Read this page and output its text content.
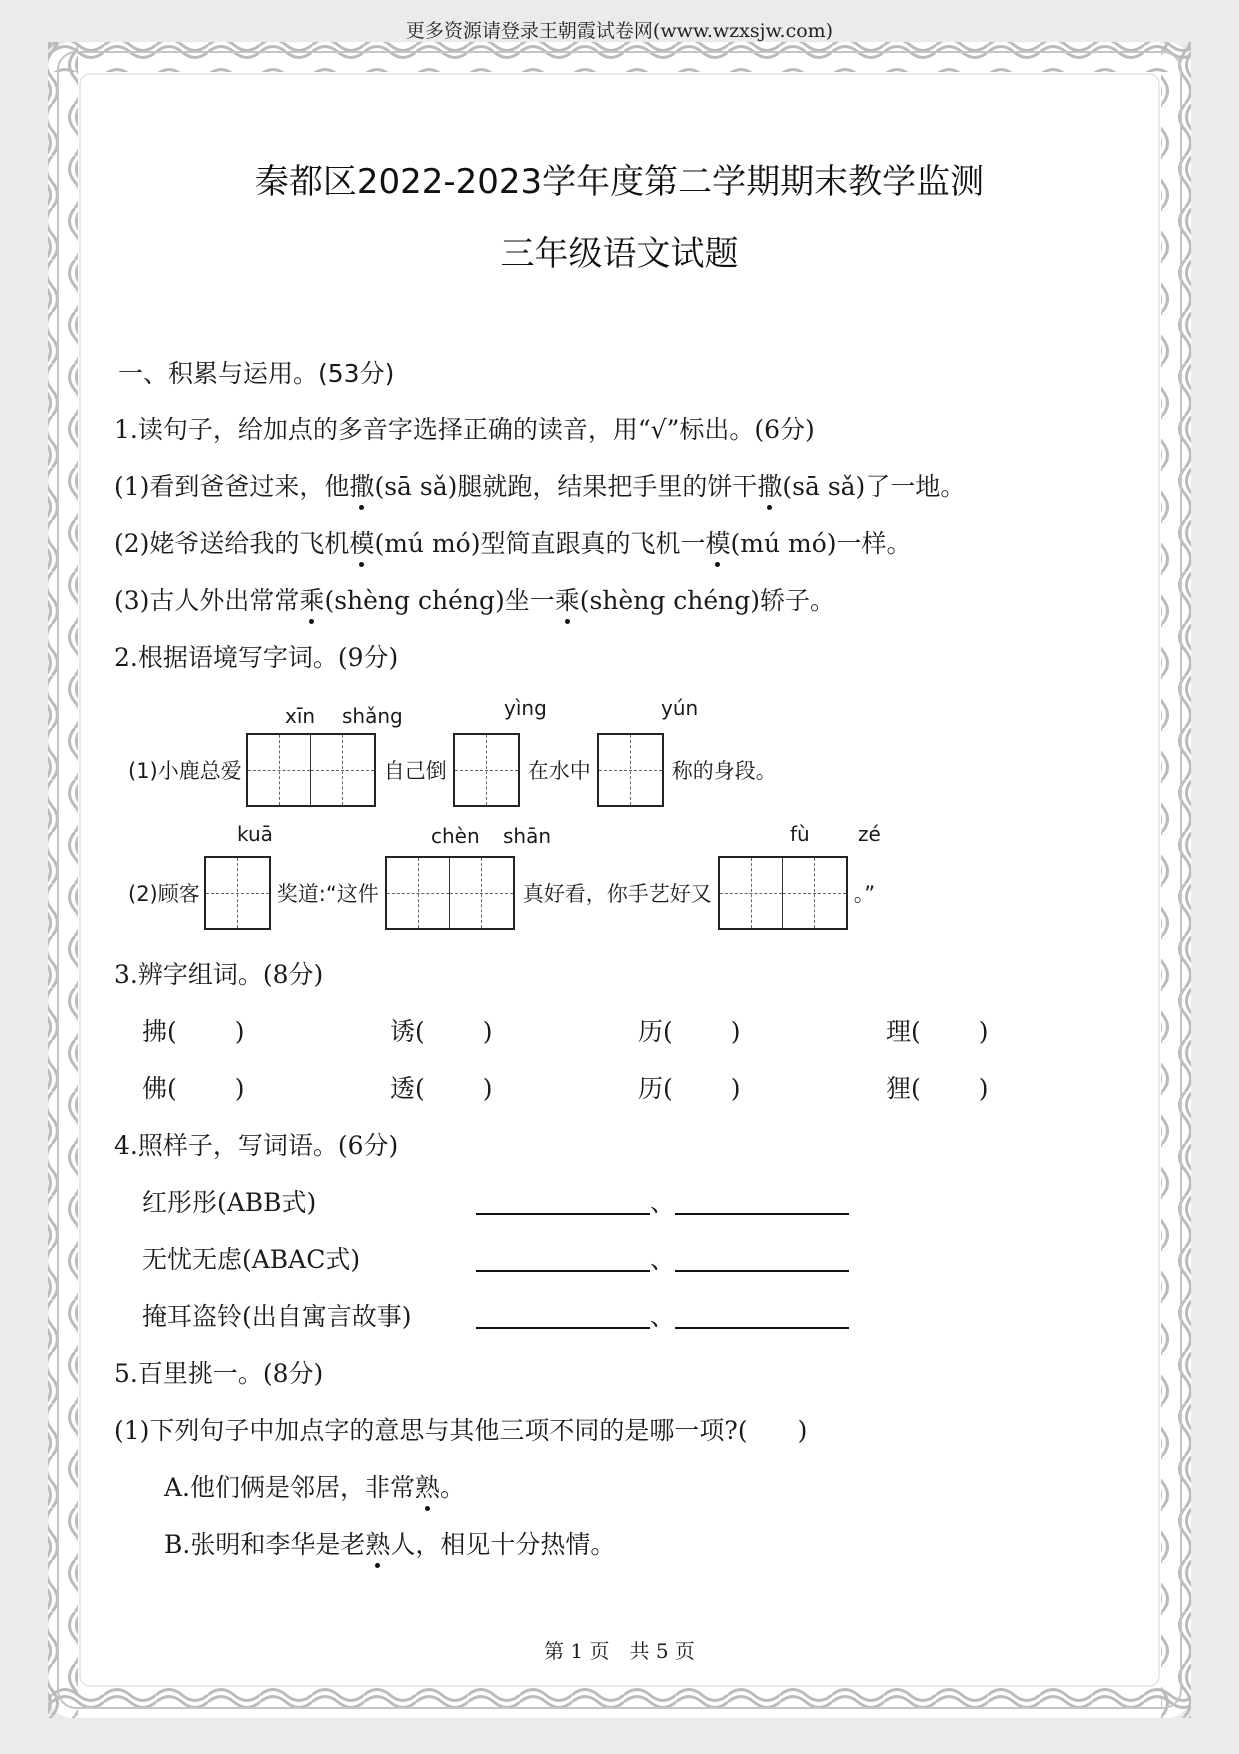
更多资源请登录王朝霞试卷网(www.wzxsjw.com)
秦都区2022-2023学年度第二学期期末教学监测
三年级语文试题
一、积累与运用。(53分)
1.读句子，给加点的多音字选择正确的读音，用“√”标出。(6分)
(1)看到爸爸过来，他撒(sā sǎ)腿就跑，结果把手里的饼干撒(sā sǎ)了一地。
(2)姥爷送给我的飞机模(mú mó)型简直跟真的飞机一模(mú mó)一样。
(3)古人外出常常乘(shèng chéng)坐一乘(shèng chéng)轿子。
2.根据语境写字词。(9分)
xīn shǎng	yìng	yún
(1)小鹿总爱	自己倒	在水中	称的身段。
kuā	chèn shān	fù zé
(2)顾客	奖道:“这件	真好看，你手艺好又	。”
3.辨字组词。(8分)
拂( )	诱( )	历( )	理( )
佛( )	透( )	历( )	狸( )
4.照样子，写词语。(6分)
红彤彤(ABB式)	、
无忧无虑(ABAC式)	、
掩耳盗铃(出自寓言故事)	、
5.百里挑一。(8分)
(1)下列句子中加点字的意思与其他三项不同的是哪一项?(　　)
A.他们俩是邻居，非常熟。
B.张明和李华是老熟人，相见十分热情。
第 1 页　共 5 页
